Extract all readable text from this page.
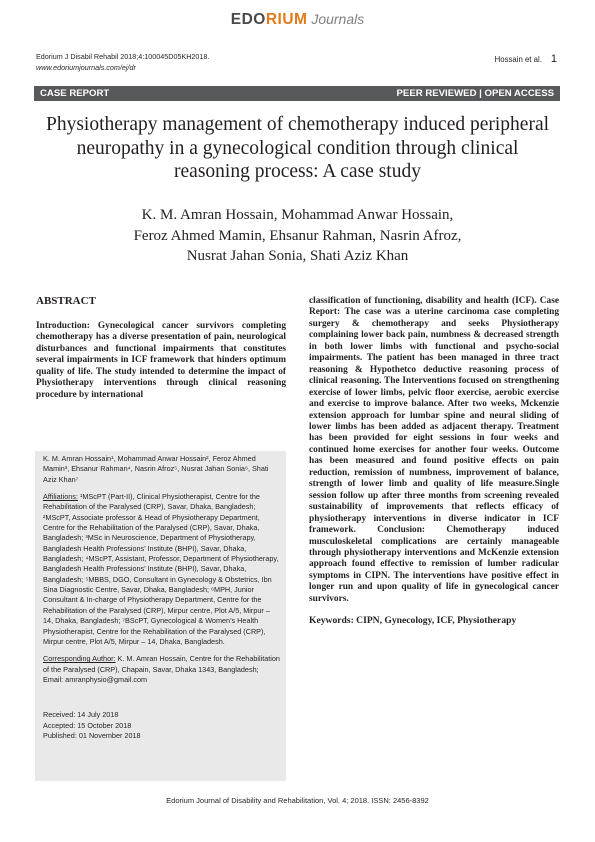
EDORIUM Journals
Edorium J Disabil Rehabil 2018;4:100045D05KH2018.
www.edoriumjournals.com/ej/dr
Hossain et al. 1
CASE REPORT	PEER REVIEWED | OPEN ACCESS
Physiotherapy management of chemotherapy induced peripheral neuropathy in a gynecological condition through clinical reasoning process: A case study
K. M. Amran Hossain, Mohammad Anwar Hossain,
Feroz Ahmed Mamin, Ehsanur Rahman, Nasrin Afroz,
Nusrat Jahan Sonia, Shati Aziz Khan
ABSTRACT
Introduction: Gynecological cancer survivors completing chemotherapy has a diverse presentation of pain, neurological disturbances and functional impairments that constitutes several impairments in ICF framework that hinders optimum quality of life. The study intended to determine the impact of Physiotherapy interventions through clinical reasoning procedure by international

K. M. Amran Hossain¹, Mohammad Anwar Hossain², Feroz Ahmed Mamin³, Ehsanur Rahman⁴, Nasrin Afroz⁵, Nusrat Jahan Sonia⁶, Shati Aziz Khan⁷

Affiliations: ¹MScPT (Part-II), Clinical Physiotherapist, Centre for the Rehabilitation of the Paralysed (CRP), Savar, Dhaka, Bangladesh; ²MScPT, Associate professor & Head of Physiotherapy Department, Centre for the Rehabilitation of the Paralysed (CRP), Savar, Dhaka, Bangladesh; ³MSc in Neuroscience, Department of Physiotherapy, Bangladesh Health Professions’ Institute (BHPI), Savar, Dhaka, Bangladesh; ⁴MScPT, Assistant, Professor, Department of Physiotherapy, Bangladesh Health Professions’ Institute (BHPI), Savar, Dhaka, Bangladesh; ⁵MBBS, DGO, Consultant in Gynecology & Obstetrics, Ibn Sina Diagnostic Centre, Savar, Dhaka, Bangladesh; ⁶MPH, Junior Consultant & In-charge of Physiotherapy Department, Centre for the Rehabilitation of the Paralysed (CRP), Mirpur centre, Plot A/5, Mirpur – 14, Dhaka, Bangladesh; ⁷BScPT, Gynecological & Women’s Health Physiotherapist, Centre for the Rehabilitation of the Paralysed (CRP), Mirpur centre, Plot A/5, Mirpur – 14, Dhaka, Bangladesh.

Corresponding Author: K. M. Amran Hossain, Centre for the Rehabilitation of the Paralysed (CRP), Chapain, Savar, Dhaka 1343, Bangladesh; Email: amranphysio@gmail.com

Received: 14 July 2018

Accepted: 15 October 2018

Published: 01 November 2018

classification of functioning, disability and health (ICF). Case Report: The case was a uterine carcinoma case completing surgery & chemotherapy and seeks Physiotherapy complaining lower back pain, numbness & decreased strength in both lower limbs with functional and psycho-social impairments. The patient has been managed in three tract reasoning & Hypothetco deductive reasoning process of clinical reasoning. The Interventions focused on strengthening exercise of lower limbs, pelvic floor exercise, aerobic exercise and exercise to improve balance. After two weeks, Mckenzie extension approach for lumbar spine and neural sliding of lower limbs has been added as adjacent therapy. Treatment has been provided for eight sessions in four weeks and continued home exercises for another four weeks. Outcome has been measured and found positive effects on pain reduction, remission of numbness, improvement of balance, strength of lower limb and quality of life measure.Single session follow up after three months from screening revealed sustainability of improvements that reflects efficacy of physiotherapy interventions in diverse indicator in ICF framework. Conclusion: Chemotherapy induced musculoskeletal complications are certainly manageable through physiotherapy interventions and McKenzie extension approach found effective to remission of lumber radicular symptoms in CIPN. The interventions have positive effect in longer run and upon quality of life in gynecological cancer survivors.
Keywords: CIPN, Gynecology, ICF, Physiotherapy
Edorium Journal of Disability and Rehabilitation, Vol. 4; 2018. ISSN: 2456-8392
